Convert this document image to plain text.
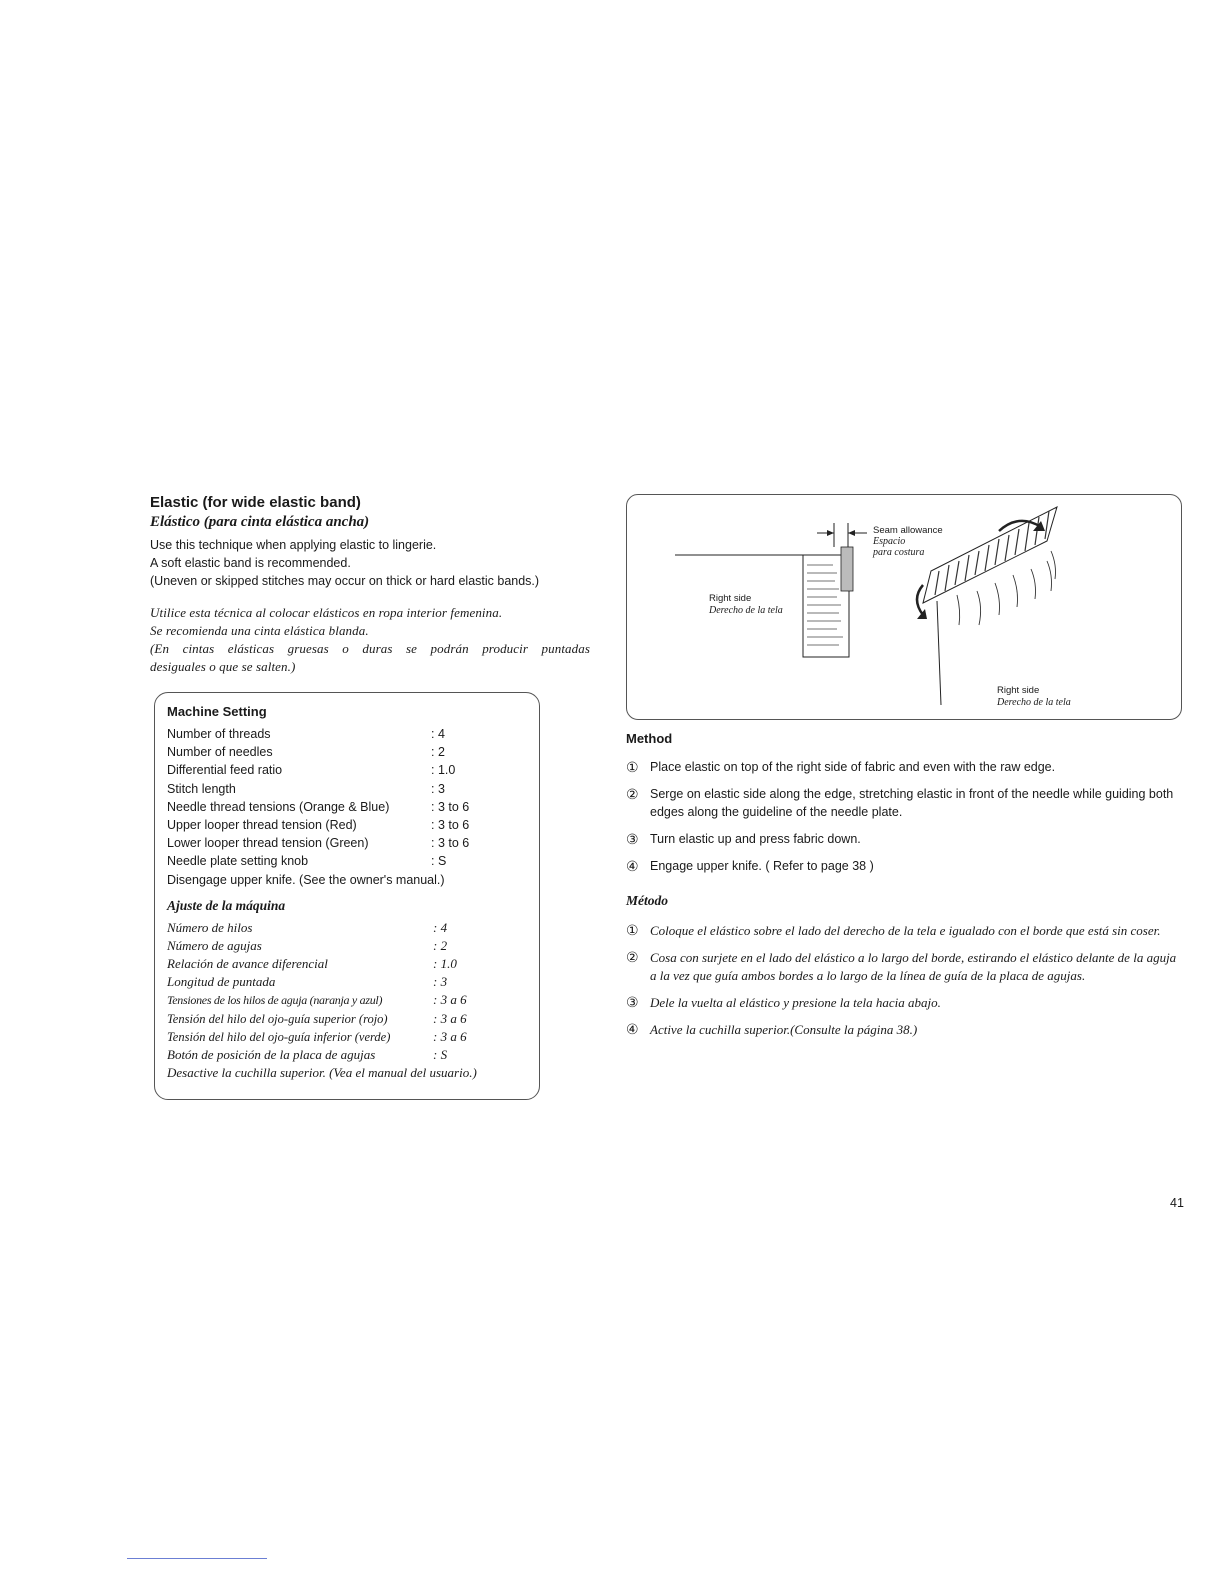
Elastic (for wide elastic band)
Elástico (para cinta elástica ancha)

Use this technique when applying elastic to lingerie.

A soft elastic band is recommended.

(Uneven or skipped stitches may occur on thick or hard elastic bands.)

Utilice esta técnica al colocar elásticos en ropa interior femenina.

Se recomienda una cinta elástica blanda.

(En cintas elásticas gruesas o duras se podrán producir puntadas

desiguales o que se salten.)

Machine Setting
Number of threads	: 4
Number of needles	: 2
Differential feed ratio	: 1.0
Stitch length	: 3
Needle thread tensions (Orange & Blue)	: 3 to 6
Upper looper thread tension (Red)	: 3 to 6
Lower looper thread tension (Green)	: 3 to 6
Needle plate setting knob	: S
Disengage upper knife. (See the owner's manual.)
Ajuste de la máquina
Número de hilos	: 4
Número de agujas	: 2
Relación de avance diferencial	: 1.0
Longitud de puntada	: 3
Tensiones de los hilos de aguja (naranja y azul)	: 3 a 6
Tensión del hilo del ojo-guía superior (rojo)	: 3 a 6
Tensión del hilo del ojo-guía inferior (verde)	: 3 a 6
Botón de posición de la placa de agujas	: S
Desactive la cuchilla superior. (Vea el manual del usuario.)
Seam allowance
Espacio
para costura
Right side
Derecho de la tela
Right side
Derecho de la tela
Method
① Place elastic on top of the right side of fabric and even with the raw edge.
② Serge on elastic side along the edge, stretching elastic in front of the needle while guiding both edges along the guideline of the needle plate.
③ Turn elastic up and press fabric down.
④ Engage upper knife. ( Refer to page 38 )
Método
① Coloque el elástico sobre el lado del derecho de la tela e igualado con el borde que está sin coser.
② Cosa con surjete en el lado del elástico a lo largo del borde, estirando el elástico delante de la aguja a la vez que guía ambos bordes a lo largo de la línea de guía de la placa de agujas.
③ Dele la vuelta al elástico y presione la tela hacia abajo.
④ Active la cuchilla superior.(Consulte la página 38.)
41
